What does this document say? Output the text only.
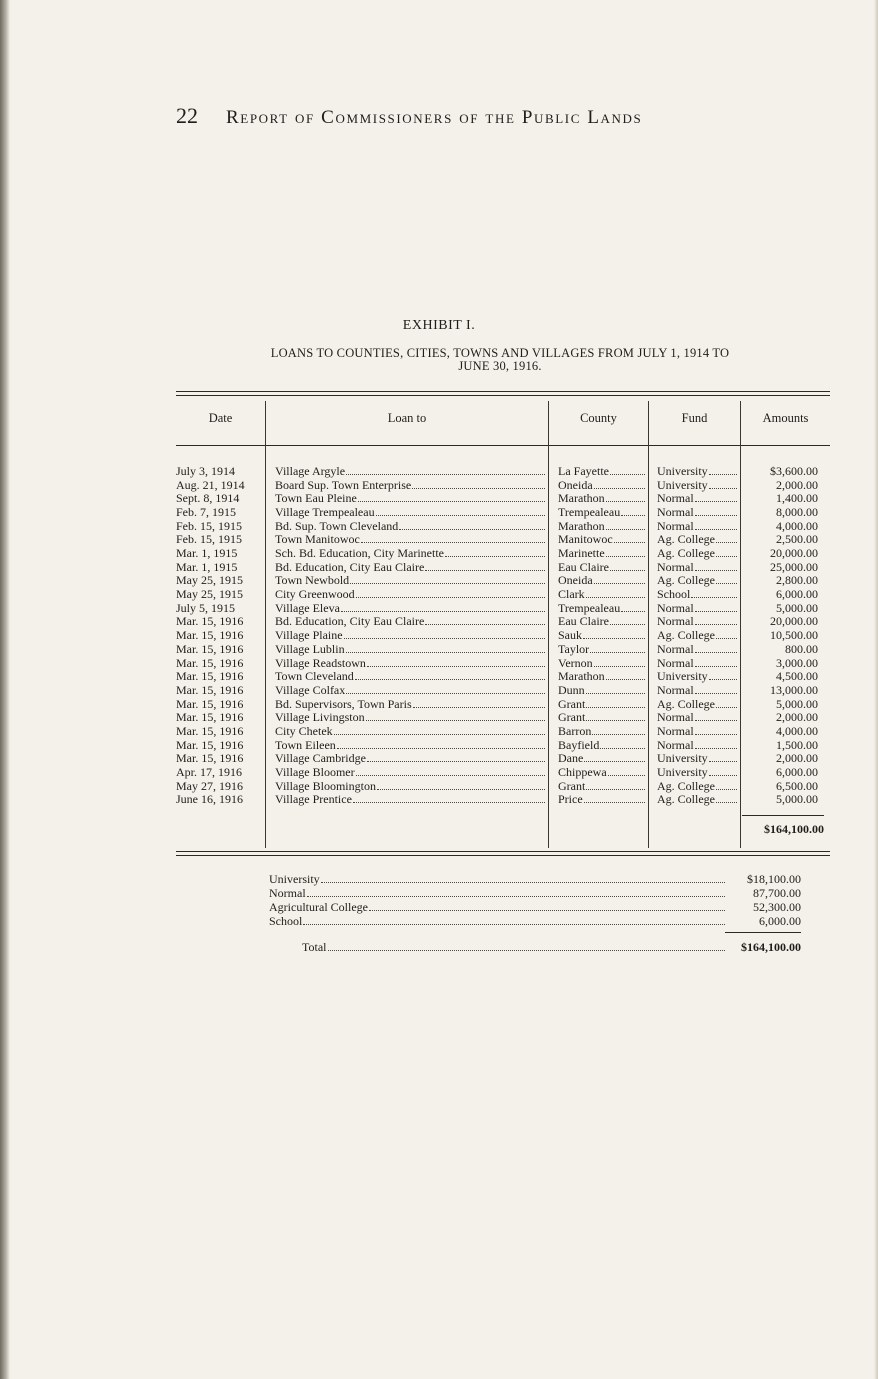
22 Report of Commissioners of the Public Lands
EXHIBIT I.
LOANS TO COUNTIES, CITIES, TOWNS AND VILLAGES FROM JULY 1, 1914 TO
JUNE 30, 1916.
Date	Loan to	County	Fund	Amounts
July 3, 1914	Village Argyle	La Fayette	University	$3,600.00
Aug. 21, 1914	Board Sup. Town Enterprise	Oneida	University	2,000.00
Sept. 8, 1914	Town Eau Pleine	Marathon	Normal	1,400.00
Feb. 7, 1915	Village Trempealeau	Trempealeau	Normal	8,000.00
Feb. 15, 1915	Bd. Sup. Town Cleveland	Marathon	Normal	4,000.00
Feb. 15, 1915	Town Manitowoc	Manitowoc	Ag. College	2,500.00
Mar. 1, 1915	Sch. Bd. Education, City Marinette	Marinette	Ag. College	20,000.00
Mar. 1, 1915	Bd. Education, City Eau Claire	Eau Claire	Normal	25,000.00
May 25, 1915	Town Newbold	Oneida	Ag. College	2,800.00
May 25, 1915	City Greenwood	Clark	School	6,000.00
July 5, 1915	Village Eleva	Trempealeau	Normal	5,000.00
Mar. 15, 1916	Bd. Education, City Eau Claire	Eau Claire	Normal	20,000.00
Mar. 15, 1916	Village Plaine	Sauk	Ag. College	10,500.00
Mar. 15, 1916	Village Lublin	Taylor	Normal	800.00
Mar. 15, 1916	Village Readstown	Vernon	Normal	3,000.00
Mar. 15, 1916	Town Cleveland	Marathon	University	4,500.00
Mar. 15, 1916	Village Colfax	Dunn	Normal	13,000.00
Mar. 15, 1916	Bd. Supervisors, Town Paris	Grant	Ag. College	5,000.00
Mar. 15, 1916	Village Livingston	Grant	Normal	2,000.00
Mar. 15, 1916	City Chetek	Barron	Normal	4,000.00
Mar. 15, 1916	Town Eileen	Bayfield	Normal	1,500.00
Mar. 15, 1916	Village Cambridge	Dane	University	2,000.00
Apr. 17, 1916	Village Bloomer	Chippewa	University	6,000.00
May 27, 1916	Village Bloomington	Grant	Ag. College	6,500.00
June 16, 1916	Village Prentice	Price	Ag. College	5,000.00
$164,100.00
University	$18,100.00
Normal	87,700.00
Agricultural College	52,300.00
School	6,000.00
Total	$164,100.00
